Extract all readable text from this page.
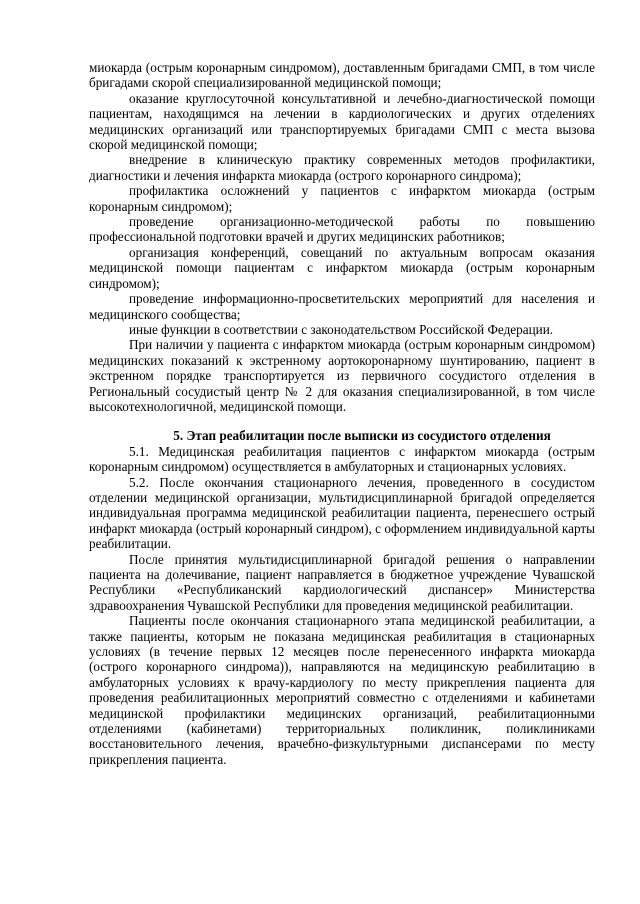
миокарда (острым коронарным синдромом), доставленным бригадами СМП, в том числе бригадами скорой специализированной медицинской помощи;

оказание круглосуточной консультативной и лечебно-диагностической помощи пациентам, находящимся на лечении в кардиологических и других отделениях медицинских организаций или транспортируемых бригадами СМП с места вызова скорой медицинской помощи;

внедрение в клиническую практику современных методов профилактики, диагностики и лечения инфаркта миокарда (острого коронарного синдрома);

профилактика осложнений у пациентов с инфарктом миокарда (острым коронарным синдромом);

проведение организационно-методической работы по повышению профессиональной подготовки врачей и других медицинских работников;

организация конференций, совещаний по актуальным вопросам оказания медицинской помощи пациентам с инфарктом миокарда (острым коронарным синдромом);

проведение информационно-просветительских мероприятий для населения и медицинского сообщества;

иные функции в соответствии с законодательством Российской Федерации.

При наличии у пациента с инфарктом миокарда (острым коронарным синдромом) медицинских показаний к экстренному аортокоронарному шунтированию, пациент в экстренном порядке транспортируется из первичного сосудистого отделения в Региональный сосудистый центр № 2 для оказания специализированной, в том числе высокотехнологичной, медицинской помощи.

5. Этап реабилитации после выписки из сосудистого отделения

5.1. Медицинская реабилитация пациентов с инфарктом миокарда (острым коронарным синдромом) осуществляется в амбулаторных и стационарных условиях.

5.2. После окончания стационарного лечения, проведенного в сосудистом отделении медицинской организации, мультидисциплинарной бригадой определяется индивидуальная программа медицинской реабилитации пациента, перенесшего острый инфаркт миокарда (острый коронарный синдром), с оформлением индивидуальной карты реабилитации.

После принятия мультидисциплинарной бригадой решения о направлении пациента на долечивание, пациент направляется в бюджетное учреждение Чувашской Республики «Республиканский кардиологический диспансер» Министерства здравоохранения Чувашской Республики для проведения медицинской реабилитации.

Пациенты после окончания стационарного этапа медицинской реабилитации, а также пациенты, которым не показана медицинская реабилитация в стационарных условиях (в течение первых 12 месяцев после перенесенного инфаркта миокарда (острого коронарного синдрома)), направляются на медицинскую реабилитацию в амбулаторных условиях к врачу-кардиологу по месту прикрепления пациента для проведения реабилитационных мероприятий совместно с отделениями и кабинетами медицинской профилактики медицинских организаций, реабилитационными отделениями (кабинетами) территориальных поликлиник, поликлиниками восстановительного лечения, врачебно-физкультурными диспансерами по месту прикрепления пациента.
